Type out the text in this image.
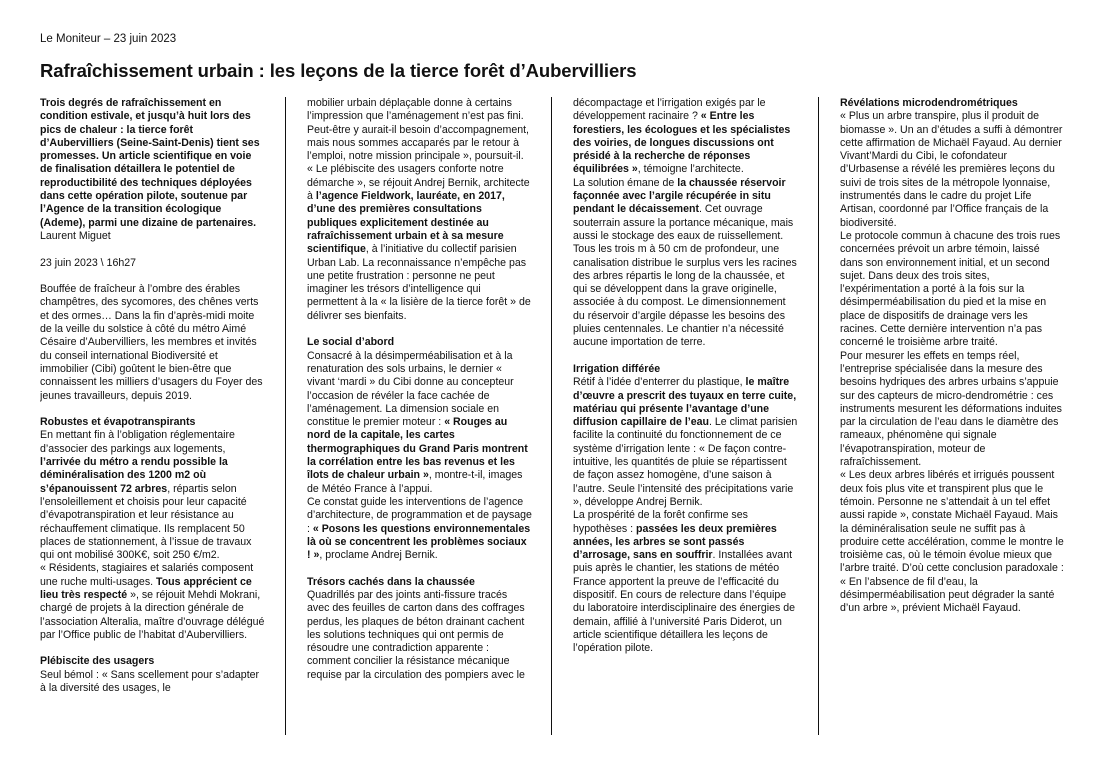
Le Moniteur – 23 juin 2023
Rafraîchissement urbain : les leçons de la tierce forêt d’Aubervilliers

Trois degrés de rafraîchissement en condition estivale, et jusqu’à huit lors des pics de chaleur : la tierce forêt d’Aubervilliers (Seine-Saint-Denis) tient ses promesses. Un article scientifique en voie de finalisation détaillera le potentiel de reproductibilité des techniques déployées dans cette opération pilote, soutenue par l’Agence de la transition écologique (Ademe), parmi une dizaine de partenaires.

Laurent Miguet

23 juin 2023 \ 16h27

Bouffée de fraîcheur à l’ombre des érables champêtres, des sycomores, des chênes verts et des ormes… Dans la fin d’après-midi moite de la veille du solstice à côté du métro Aimé Césaire d’Aubervilliers, les membres et invités du conseil international Biodiversité et immobilier (Cibi) goûtent le bien-être que connaissent les milliers d’usagers du Foyer des jeunes travailleurs, depuis 2019.

Robustes et évapotranspirants

En mettant fin à l’obligation réglementaire d’associer des parkings aux logements, l’arrivée du métro a rendu possible la déminéralisation des 1200 m2 où s’épanouissent 72 arbres, répartis selon l’ensoleillement et choisis pour leur capacité d’évapotranspiration et leur résistance au réchauffement climatique. Ils remplacent 50 places de stationnement, à l’issue de travaux qui ont mobilisé 300K€, soit 250 €/m2.

« Résidents, stagiaires et salariés composent une ruche multi-usages. Tous apprécient ce lieu très respecté », se réjouit Mehdi Mokrani, chargé de projets à la direction générale de l’association Alteralia, maître d’ouvrage délégué par l’Office public de l’habitat d’Aubervilliers.

Plébiscite des usagers

Seul bémol : « Sans scellement pour s’adapter à la diversité des usages, le

mobilier urbain déplaçable donne à certains l’impression que l’aménagement n’est pas fini. Peut-être y aurait-il besoin d’accompagnement, mais nous sommes accaparés par le retour à l’emploi, notre mission principale », poursuit-il.

« Le plébiscite des usagers conforte notre démarche », se réjouit Andrej Bernik, architecte à l’agence Fieldwork, lauréate, en 2017, d’une des premières consultations publiques explicitement destinée au rafraîchissement urbain et à sa mesure scientifique, à l’initiative du collectif parisien Urban Lab. La reconnaissance n’empêche pas une petite frustration : personne ne peut imaginer les trésors d’intelligence qui permettent à la « la lisière de la tierce forêt » de délivrer ses bienfaits.

Le social d’abord

Consacré à la désimperméabilisation et à la renaturation des sols urbains, le dernier « vivant ‘mardi » du Cibi donne au concepteur l’occasion de révéler la face cachée de l’aménagement. La dimension sociale en constitue le premier moteur : « Rouges au nord de la capitale, les cartes thermographiques du Grand Paris montrent la corrélation entre les bas revenus et les îlots de chaleur urbain », montre-t-il, images de Météo France à l’appui.

Ce constat guide les interventions de l’agence d’architecture, de programmation et de paysage : « Posons les questions environnementales là où se concentrent les problèmes sociaux ! », proclame Andrej Bernik.

Trésors cachés dans la chaussée

Quadrillés par des joints anti-fissure tracés avec des feuilles de carton dans des coffrages perdus, les plaques de béton drainant cachent les solutions techniques qui ont permis de résoudre une contradiction apparente : comment concilier la résistance mécanique requise par la circulation des pompiers avec le

décompactage et l’irrigation exigés par le développement racinaire ? « Entre les forestiers, les écologues et les spécialistes des voiries, de longues discussions ont présidé à la recherche de réponses équilibrées », témoigne l’architecte.

La solution émane de la chaussée réservoir façonnée avec l’argile récupérée in situ pendant le décaissement. Cet ouvrage souterrain assure la portance mécanique, mais aussi le stockage des eaux de ruissellement. Tous les trois m à 50 cm de profondeur, une canalisation distribue le surplus vers les racines des arbres répartis le long de la chaussée, et qui se développent dans la grave originelle, associée à du compost. Le dimensionnement du réservoir d’argile dépasse les besoins des pluies centennales. Le chantier n’a nécessité aucune importation de terre.

Irrigation différée

Rétif à l’idée d’enterrer du plastique, le maître d’œuvre a prescrit des tuyaux en terre cuite, matériau qui présente l’avantage d’une diffusion capillaire de l’eau. Le climat parisien facilite la continuité du fonctionnement de ce système d’irrigation lente : « De façon contre-intuitive, les quantités de pluie se répartissent de façon assez homogène, d’une saison à l’autre. Seule l’intensité des précipitations varie », développe Andrej Bernik.

La prospérité de la forêt confirme ses hypothèses : passées les deux premières années, les arbres se sont passés d’arrosage, sans en souffrir. Installées avant puis après le chantier, les stations de météo France apportent la preuve de l’efficacité du dispositif. En cours de relecture dans l’équipe du laboratoire interdisciplinaire des énergies de demain, affilié à l’université Paris Diderot, un article scientifique détaillera les leçons de l’opération pilote.

Révélations microdendrométriques

« Plus un arbre transpire, plus il produit de biomasse ». Un an d’études a suffi à démontrer cette affirmation de Michaël Fayaud. Au dernier Vivant’Mardi du Cibi, le cofondateur d’Urbasense a révélé les premières leçons du suivi de trois sites de la métropole lyonnaise, instrumentés dans le cadre du projet Life Artisan, coordonné par l’Office français de la biodiversité.

Le protocole commun à chacune des trois rues concernées prévoit un arbre témoin, laissé dans son environnement initial, et un second sujet. Dans deux des trois sites, l’expérimentation a porté à la fois sur la désimperméabilisation du pied et la mise en place de dispositifs de drainage vers les racines. Cette dernière intervention n’a pas concerné le troisième arbre traité.

Pour mesurer les effets en temps réel, l’entreprise spécialisée dans la mesure des besoins hydriques des arbres urbains s’appuie sur des capteurs de micro-dendrométrie : ces instruments mesurent les déformations induites par la circulation de l’eau dans le diamètre des rameaux, phénomène qui signale l’évapotranspiration, moteur de rafraîchissement.

« Les deux arbres libérés et irrigués poussent deux fois plus vite et transpirent plus que le témoin. Personne ne s’attendait à un tel effet aussi rapide », constate Michaël Fayaud. Mais la déminéralisation seule ne suffit pas à produire cette accélération, comme le montre le troisième cas, où le témoin évolue mieux que l’arbre traité. D’où cette conclusion paradoxale : « En l’absence de fil d’eau, la désimperméabilisation peut dégrader la santé d’un arbre », prévient Michaël Fayaud.
